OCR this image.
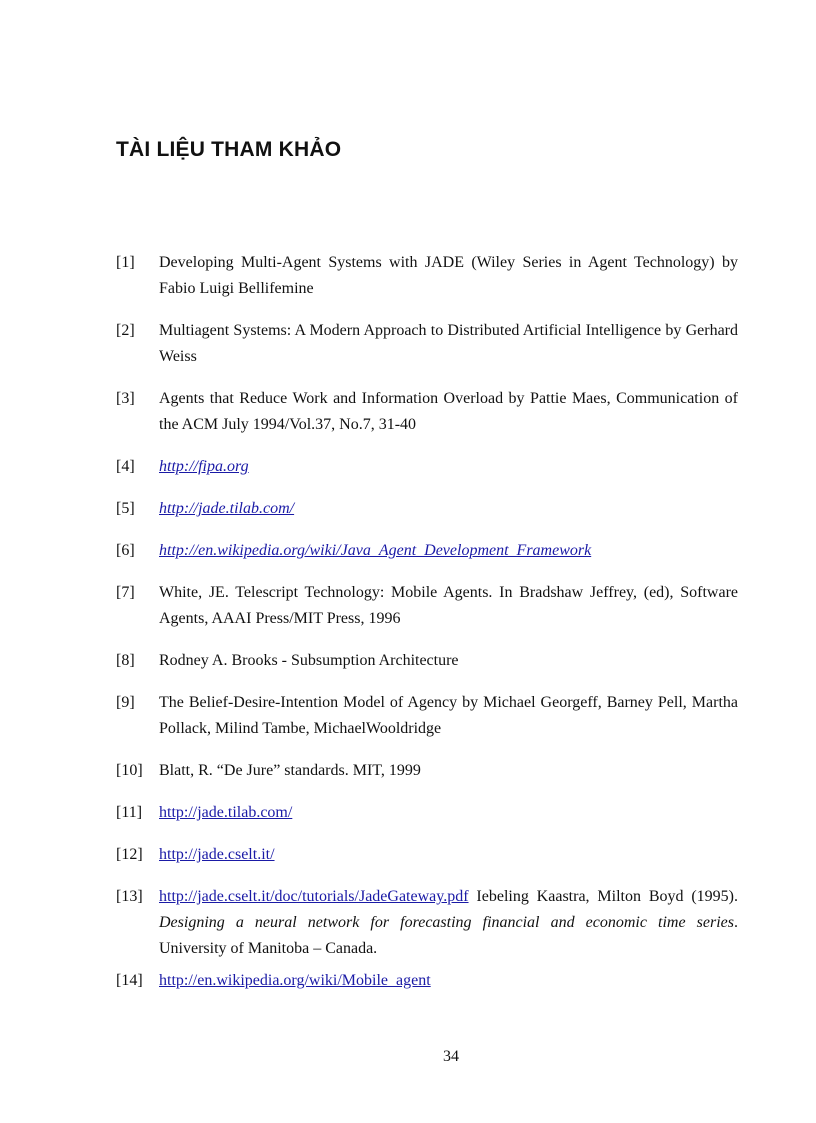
TÀI LIỆU THAM KHẢO
[1]	Developing Multi-Agent Systems with JADE (Wiley Series in Agent Technology) by Fabio Luigi Bellifemine
[2]	Multiagent Systems: A Modern Approach to Distributed Artificial Intelligence by Gerhard Weiss
[3]	Agents that Reduce Work and Information Overload by Pattie Maes, Communication of the ACM July 1994/Vol.37, No.7, 31-40
[4]	http://fipa.org
[5]	http://jade.tilab.com/
[6]	http://en.wikipedia.org/wiki/Java_Agent_Development_Framework
[7]	White, JE. Telescript Technology: Mobile Agents. In Bradshaw Jeffrey, (ed), Software Agents, AAAI Press/MIT Press, 1996
[8]	Rodney A. Brooks - Subsumption Architecture
[9]	The Belief-Desire-Intention Model of Agency by Michael Georgeff, Barney Pell, Martha Pollack, Milind Tambe, MichaelWooldridge
[10]	Blatt, R. “De Jure” standards. MIT, 1999
[11]	http://jade.tilab.com/
[12]	http://jade.cselt.it/
[13]	http://jade.cselt.it/doc/tutorials/JadeGateway.pdf Iebeling Kaastra, Milton Boyd (1995). Designing a neural network for forecasting financial and economic time series. University of Manitoba – Canada.
[14]	http://en.wikipedia.org/wiki/Mobile_agent
34
